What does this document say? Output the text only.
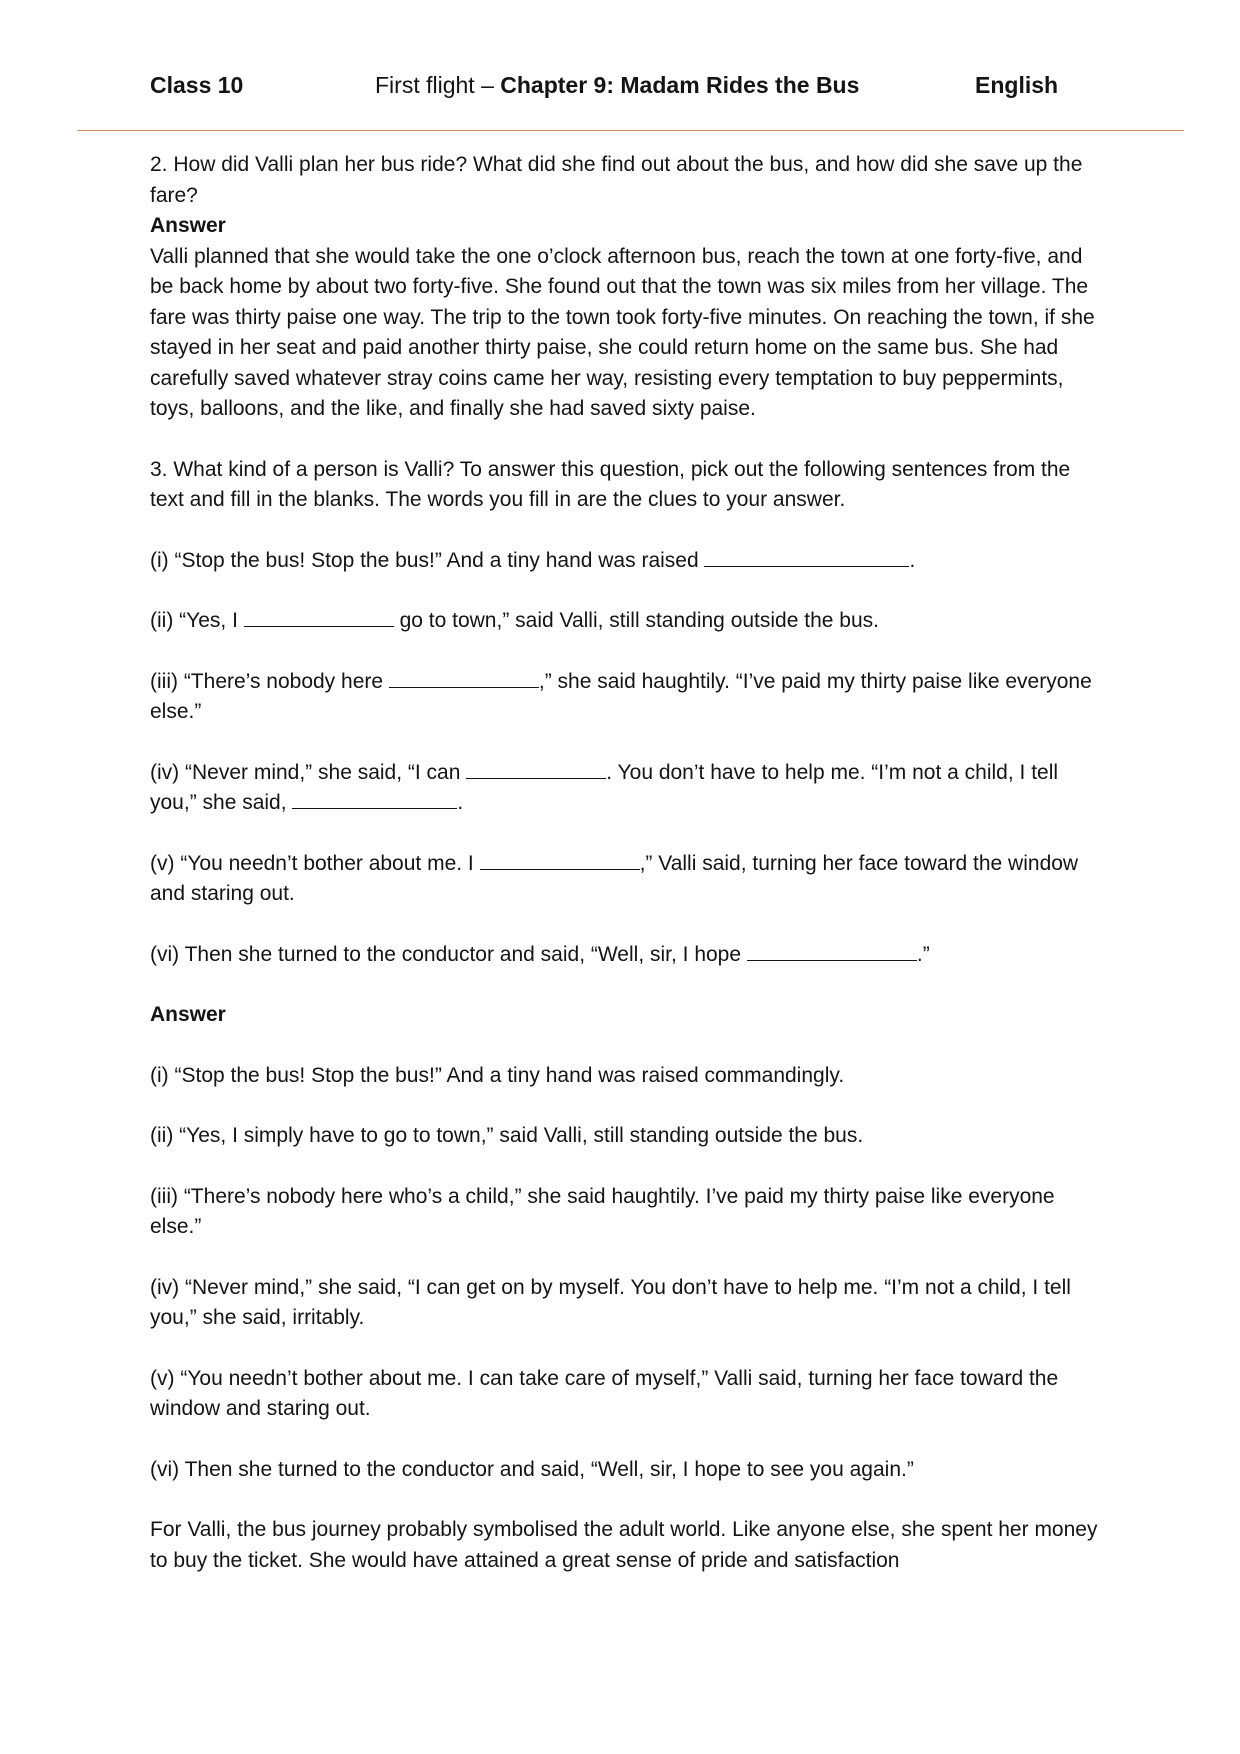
Class 10	First flight – Chapter 9: Madam Rides the Bus	English

2. How did Valli plan her bus ride? What did she find out about the bus, and how did she save up the fare?

Answer

Valli planned that she would take the one o’clock afternoon bus, reach the town at one forty-five, and be back home by about two forty-five. She found out that the town was six miles from her village. The fare was thirty paise one way. The trip to the town took forty-five minutes. On reaching the town, if she stayed in her seat and paid another thirty paise, she could return home on the same bus. She had carefully saved whatever stray coins came her way, resisting every temptation to buy peppermints, toys, balloons, and the like, and finally she had saved sixty paise.

3. What kind of a person is Valli? To answer this question, pick out the following sentences from the text and fill in the blanks. The words you fill in are the clues to your answer.

(i) “Stop the bus! Stop the bus!” And a tiny hand was raised	.

(ii) “Yes, I	go to town,” said Valli, still standing outside the bus.

(iii) “There’s nobody here	,” she said haughtily. “I’ve paid my thirty paise like everyone else.”

(iv) “Never mind,” she said, “I can	. You don’t have to help me. “I’m not a child, I tell you,” she said,	.

(v) “You needn’t bother about me. I	,” Valli said, turning her face toward the window and staring out.

(vi) Then she turned to the conductor and said, “Well, sir, I hope	.”

Answer

(i) “Stop the bus! Stop the bus!” And a tiny hand was raised commandingly.

(ii) “Yes, I simply have to go to town,” said Valli, still standing outside the bus.

(iii) “There’s nobody here who’s a child,” she said haughtily. I’ve paid my thirty paise like everyone else.”

(iv) “Never mind,” she said, “I can get on by myself. You don’t have to help me. “I’m not a child, I tell you,” she said, irritably.

(v) “You needn’t bother about me. I can take care of myself,” Valli said, turning her face toward the window and staring out.

(vi) Then she turned to the conductor and said, “Well, sir, I hope to see you again.”

For Valli, the bus journey probably symbolised the adult world. Like anyone else, she spent her money to buy the ticket. She would have attained a great sense of pride and satisfaction
